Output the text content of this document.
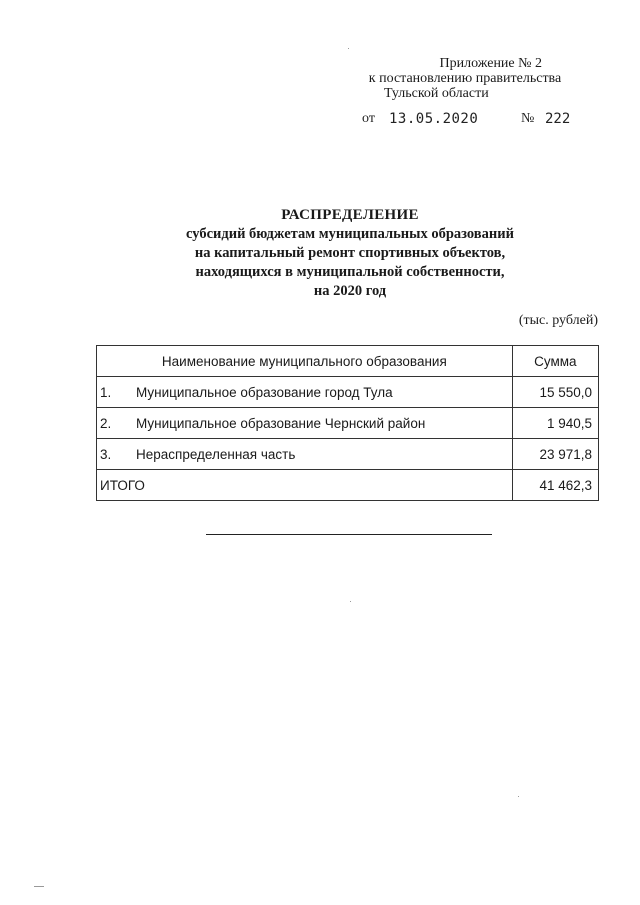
Приложение № 2
к постановлению правительства
Тульской области
от 13.05.2020	№ 222
РАСПРЕДЕЛЕНИЕ
субсидий бюджетам муниципальных образований
на капитальный ремонт спортивных объектов,
находящихся в муниципальной собственности,
на 2020 год
(тыс. рублей)
Наименование муниципального образования	Сумма
1. Муниципальное образование город Тула	15 550,0
2. Муниципальное образование Чернский район	1 940,5
3. Нераспределенная часть	23 971,8
ИТОГО	41 462,3
